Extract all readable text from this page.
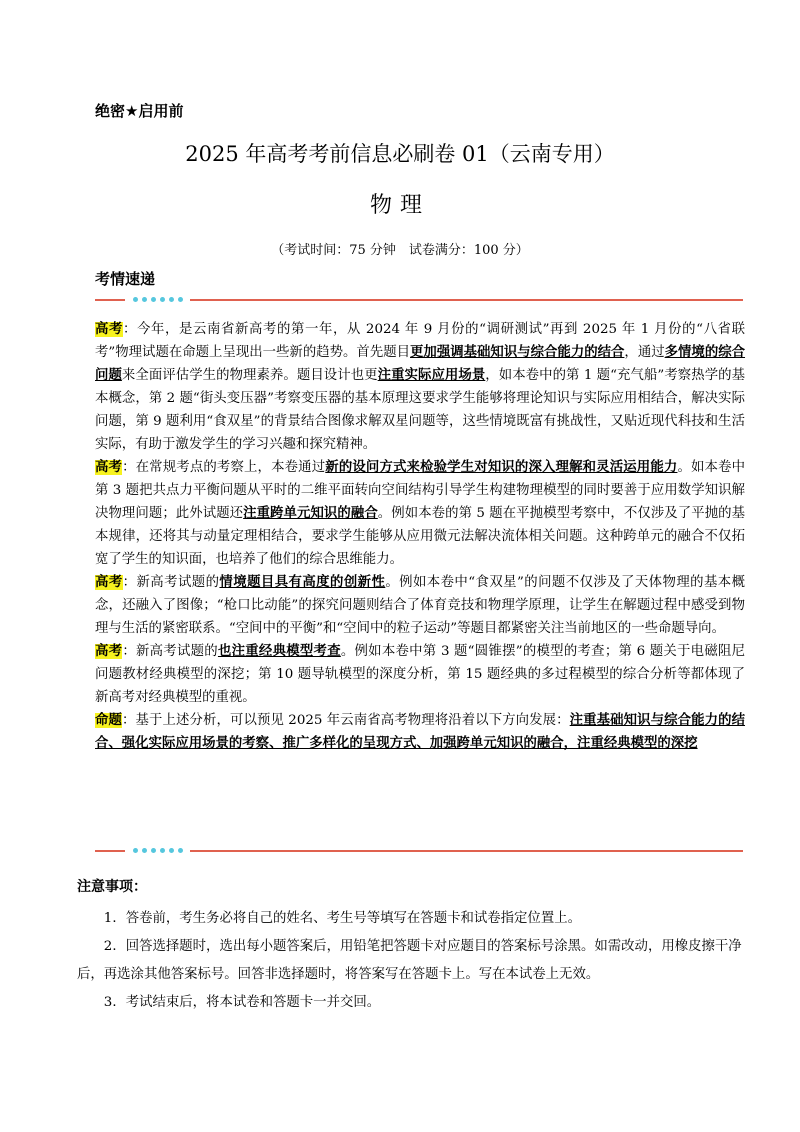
绝密★启用前
2025 年高考考前信息必刷卷 01（云南专用）
物理
（考试时间：75 分钟　试卷满分：100 分）
考情速递

高考：今年，是云南省新高考的第一年，从 2024 年 9 月份的“调研测试”再到 2025 年 1 月份的“八省联考”物理试题在命题上呈现出一些新的趋势。首先题目更加强调基础知识与综合能力的结合，通过多情境的综合问题来全面评估学生的物理素养。题目设计也更注重实际应用场景，如本卷中的第 1 题“充气船”考察热学的基本概念，第 2 题“街头变压器”考察变压器的基本原理这要求学生能够将理论知识与实际应用相结合，解决实际问题，第 9 题利用“食双星”的背景结合图像求解双星问题等，这些情境既富有挑战性，又贴近现代科技和生活实际，有助于激发学生的学习兴趣和探究精神。

高考：在常规考点的考察上，本卷通过新的设问方式来检验学生对知识的深入理解和灵活运用能力。如本卷中第 3 题把共点力平衡问题从平时的二维平面转向空间结构引导学生构建物理模型的同时要善于应用数学知识解决物理问题；此外试题还注重跨单元知识的融合。例如本卷的第 5 题在平抛模型考察中，不仅涉及了平抛的基本规律，还将其与动量定理相结合，要求学生能够从应用微元法解决流体相关问题。这种跨单元的融合不仅拓宽了学生的知识面，也培养了他们的综合思维能力。

高考：新高考试题的情境题目具有高度的创新性。例如本卷中“食双星”的问题不仅涉及了天体物理的基本概念，还融入了图像；“枪口比动能”的探究问题则结合了体育竞技和物理学原理，让学生在解题过程中感受到物理与生活的紧密联系。“空间中的平衡”和“空间中的粒子运动”等题目都紧密关注当前地区的一些命题导向。

高考：新高考试题的也注重经典模型考查。例如本卷中第 3 题“圆锥摆”的模型的考查；第 6 题关于电磁阻尼问题教材经典模型的深挖；第 10 题导轨模型的深度分析，第 15 题经典的多过程模型的综合分析等都体现了新高考对经典模型的重视。

命题：基于上述分析，可以预见 2025 年云南省高考物理将沿着以下方向发展：注重基础知识与综合能力的结合、强化实际应用场景的考察、推广多样化的呈现方式、加强跨单元知识的融合，注重经典模型的深挖

注意事项：

1．答卷前，考生务必将自己的姓名、考生号等填写在答题卡和试卷指定位置上。

2．回答选择题时，选出每小题答案后，用铅笔把答题卡对应题目的答案标号涂黑。如需改动，用橡皮擦干净后，再选涂其他答案标号。回答非选择题时，将答案写在答题卡上。写在本试卷上无效。

3．考试结束后，将本试卷和答题卡一并交回。
